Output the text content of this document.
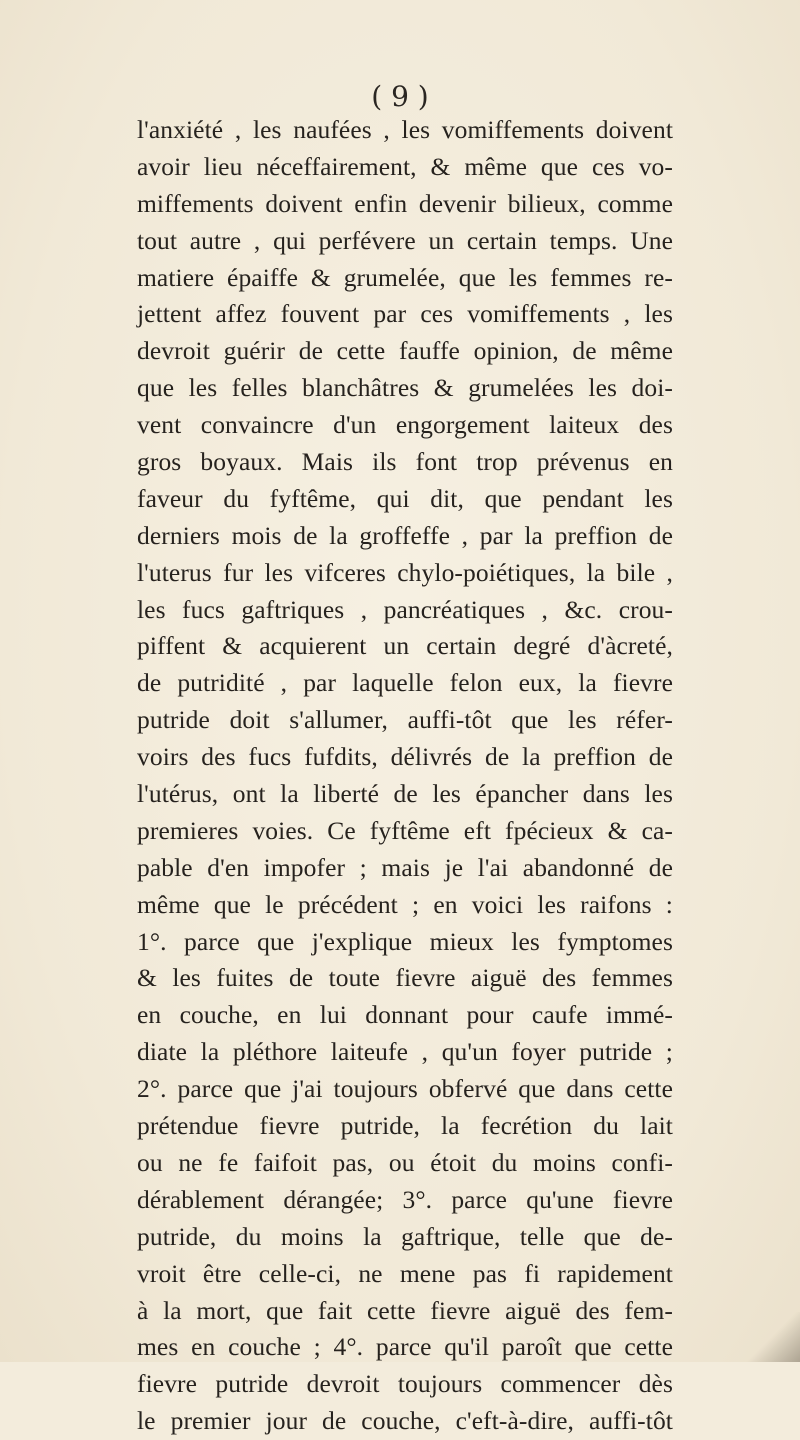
( 9 )
l'anxiété , les naufées , les vomiffements doivent
avoir lieu néceffairement, & même que ces vo-
miffements doivent enfin devenir bilieux, comme
tout autre , qui perfévere un certain temps. Une
matiere épaiffe & grumelée, que les femmes re-
jettent affez fouvent par ces vomiffements , les
devroit guérir de cette fauffe opinion, de même
que les felles blanchâtres & grumelées les doi-
vent convaincre d'un engorgement laiteux des
gros boyaux. Mais ils font trop prévenus en
faveur du fyftême, qui dit, que pendant les
derniers mois de la groffeffe , par la preffion de
l'uterus fur les vifceres chylo-poiétiques, la bile ,
les fucs gaftriques , pancréatiques , &c. crou-
piffent & acquierent un certain degré d'àcreté,
de putridité , par laquelle felon eux, la fievre
putride doit s'allumer, auffi-tôt que les réfer-
voirs des fucs fufdits, délivrés de la preffion de
l'utérus, ont la liberté de les épancher dans les
premieres voies. Ce fyftême eft fpécieux & ca-
pable d'en impofer ; mais je l'ai abandonné de
même que le précédent ; en voici les raifons :
1°. parce que j'explique mieux les fymptomes
& les fuites de toute fievre aiguë des femmes
en couche, en lui donnant pour caufe immé-
diate la pléthore laiteufe , qu'un foyer putride ;
2°. parce que j'ai toujours obfervé que dans cette
prétendue fievre putride, la fecrétion du lait
ou ne fe faifoit pas, ou étoit du moins confi-
dérablement dérangée; 3°. parce qu'une fievre
putride, du moins la gaftrique, telle que de-
vroit être celle-ci, ne mene pas fi rapidement
à la mort, que fait cette fievre aiguë des fem-
mes en couche ; 4°. parce qu'il paroît que cette
fievre putride devroit toujours commencer dès
le premier jour de couche, c'eft-à-dire, auffi-tôt
